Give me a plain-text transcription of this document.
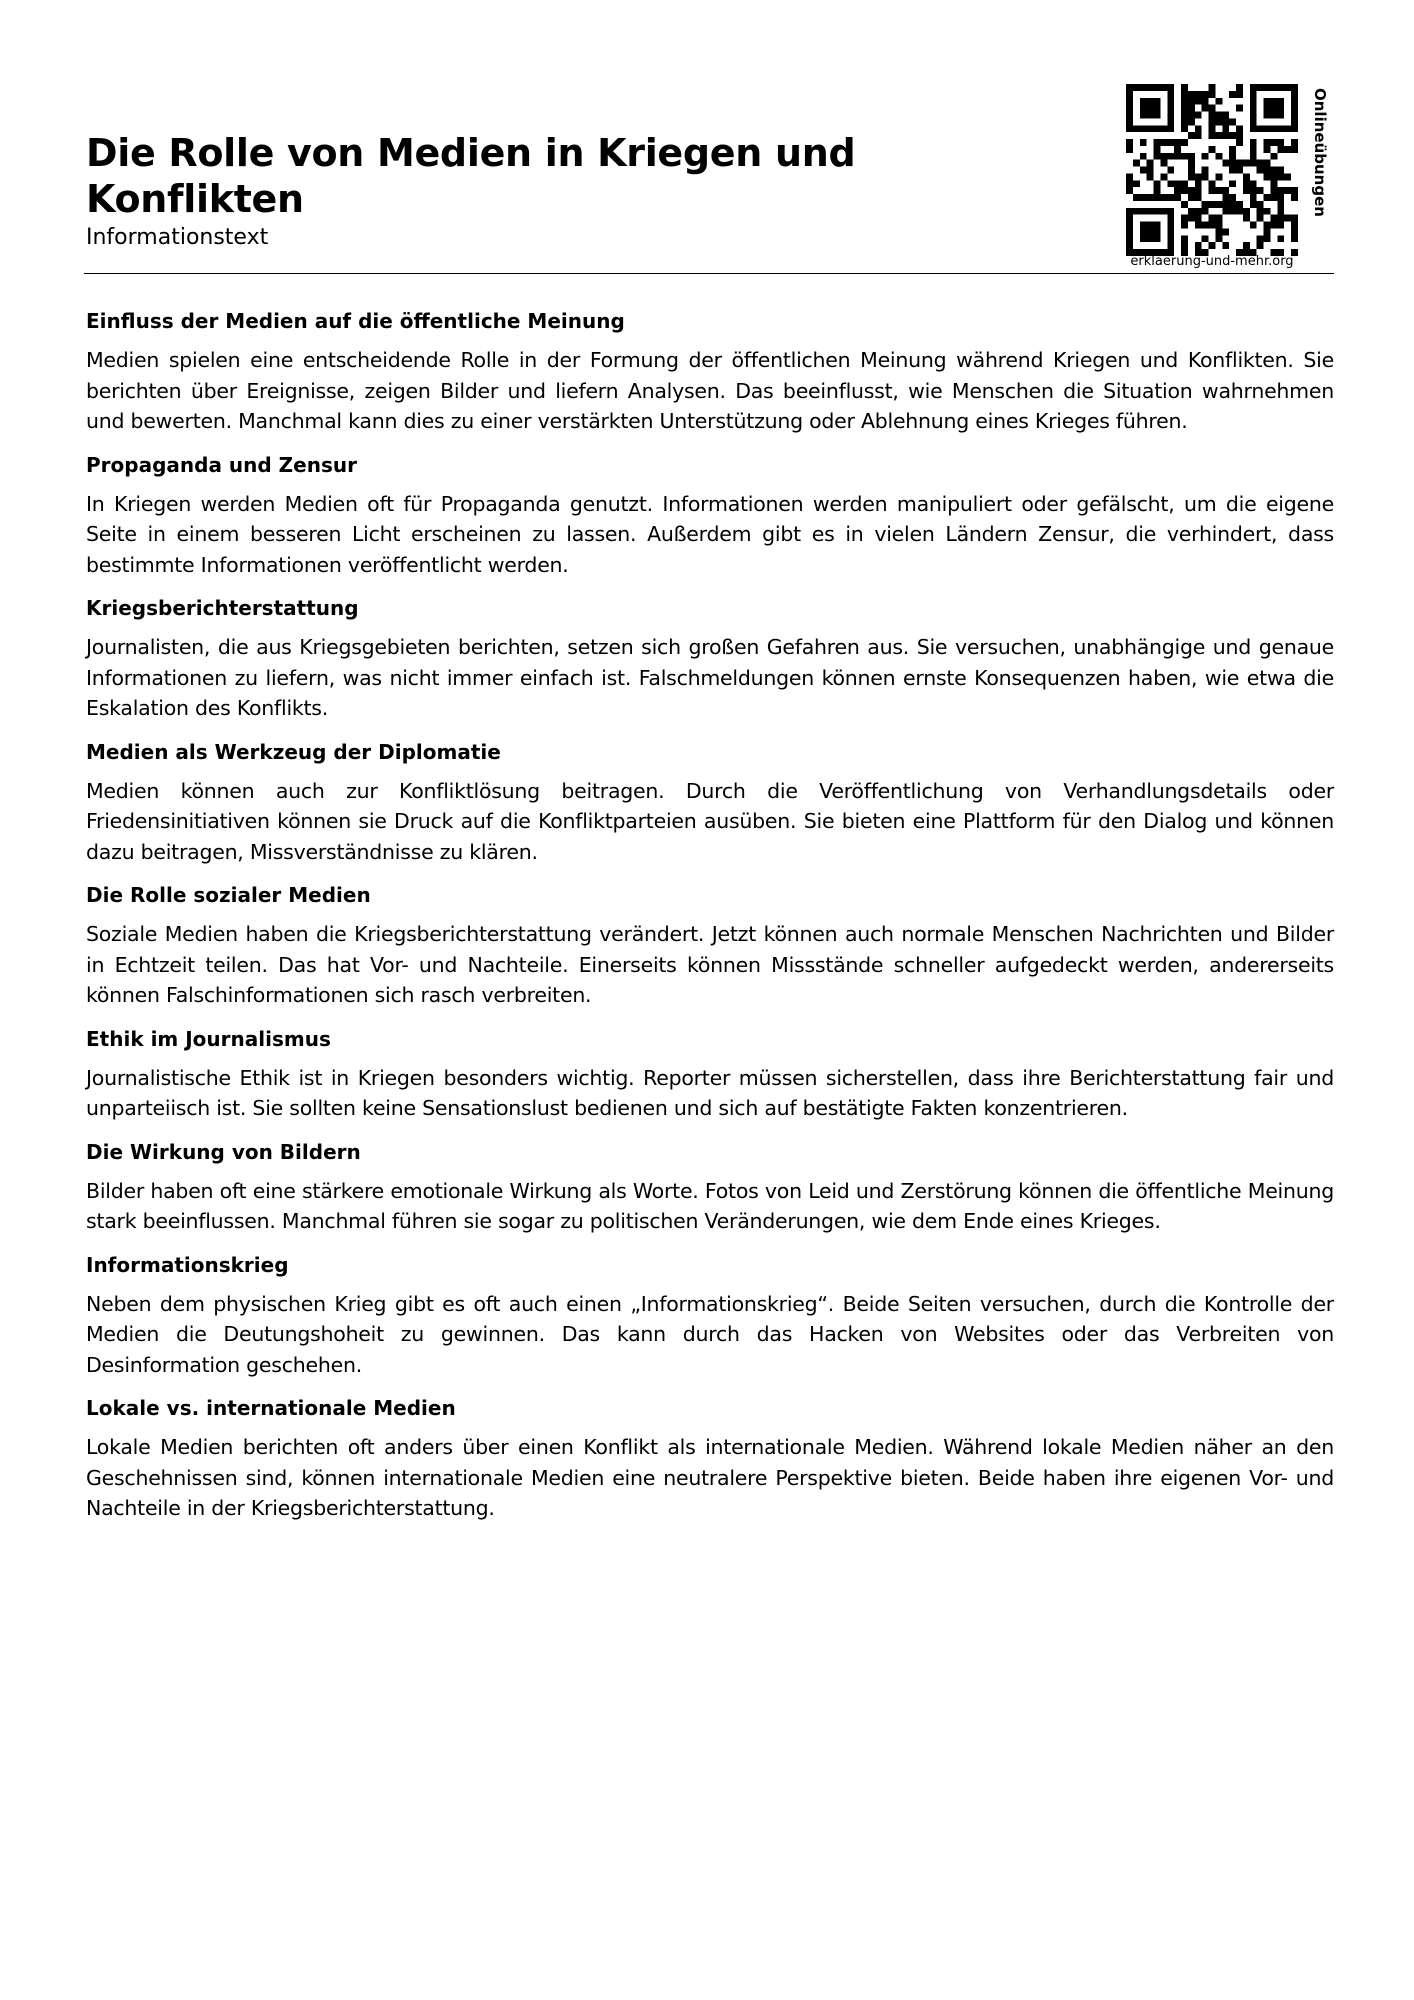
Die Rolle von Medien in Kriegen und Konflikten
Informationstext
erklaerung-und-mehr.org
Onlineübungen
Einfluss der Medien auf die öffentliche Meinung

Medien spielen eine entscheidende Rolle in der Formung der öffentlichen Meinung während Kriegen und Konflikten. Sie berichten über Ereignisse, zeigen Bilder und liefern Analysen. Das beeinflusst, wie Menschen die Situation wahrnehmen und bewerten. Manchmal kann dies zu einer verstärkten Unterstützung oder Ablehnung eines Krieges führen.

Propaganda und Zensur

In Kriegen werden Medien oft für Propaganda genutzt. Informationen werden manipuliert oder gefälscht, um die eigene Seite in einem besseren Licht erscheinen zu lassen. Außerdem gibt es in vielen Ländern Zensur, die verhindert, dass bestimmte Informationen veröffentlicht werden.

Kriegsberichterstattung

Journalisten, die aus Kriegsgebieten berichten, setzen sich großen Gefahren aus. Sie versuchen, unabhängige und genaue Informationen zu liefern, was nicht immer einfach ist. Falschmeldungen können ernste Konsequenzen haben, wie etwa die Eskalation des Konflikts.

Medien als Werkzeug der Diplomatie

Medien können auch zur Konfliktlösung beitragen. Durch die Veröffentlichung von Verhandlungsdetails oder Friedensinitiativen können sie Druck auf die Konfliktparteien ausüben. Sie bieten eine Plattform für den Dialog und können dazu beitragen, Missverständnisse zu klären.

Die Rolle sozialer Medien

Soziale Medien haben die Kriegsberichterstattung verändert. Jetzt können auch normale Menschen Nachrichten und Bilder in Echtzeit teilen. Das hat Vor- und Nachteile. Einerseits können Missstände schneller aufgedeckt werden, andererseits können Falschinformationen sich rasch verbreiten.

Ethik im Journalismus

Journalistische Ethik ist in Kriegen besonders wichtig. Reporter müssen sicherstellen, dass ihre Berichterstattung fair und unparteiisch ist. Sie sollten keine Sensationslust bedienen und sich auf bestätigte Fakten konzentrieren.

Die Wirkung von Bildern

Bilder haben oft eine stärkere emotionale Wirkung als Worte. Fotos von Leid und Zerstörung können die öffentliche Meinung stark beeinflussen. Manchmal führen sie sogar zu politischen Veränderungen, wie dem Ende eines Krieges.

Informationskrieg

Neben dem physischen Krieg gibt es oft auch einen „Informationskrieg“. Beide Seiten versuchen, durch die Kontrolle der Medien die Deutungshoheit zu gewinnen. Das kann durch das Hacken von Websites oder das Verbreiten von Desinformation geschehen.

Lokale vs. internationale Medien

Lokale Medien berichten oft anders über einen Konflikt als internationale Medien. Während lokale Medien näher an den Geschehnissen sind, können internationale Medien eine neutralere Perspektive bieten. Beide haben ihre eigenen Vor- und Nachteile in der Kriegsberichterstattung.
